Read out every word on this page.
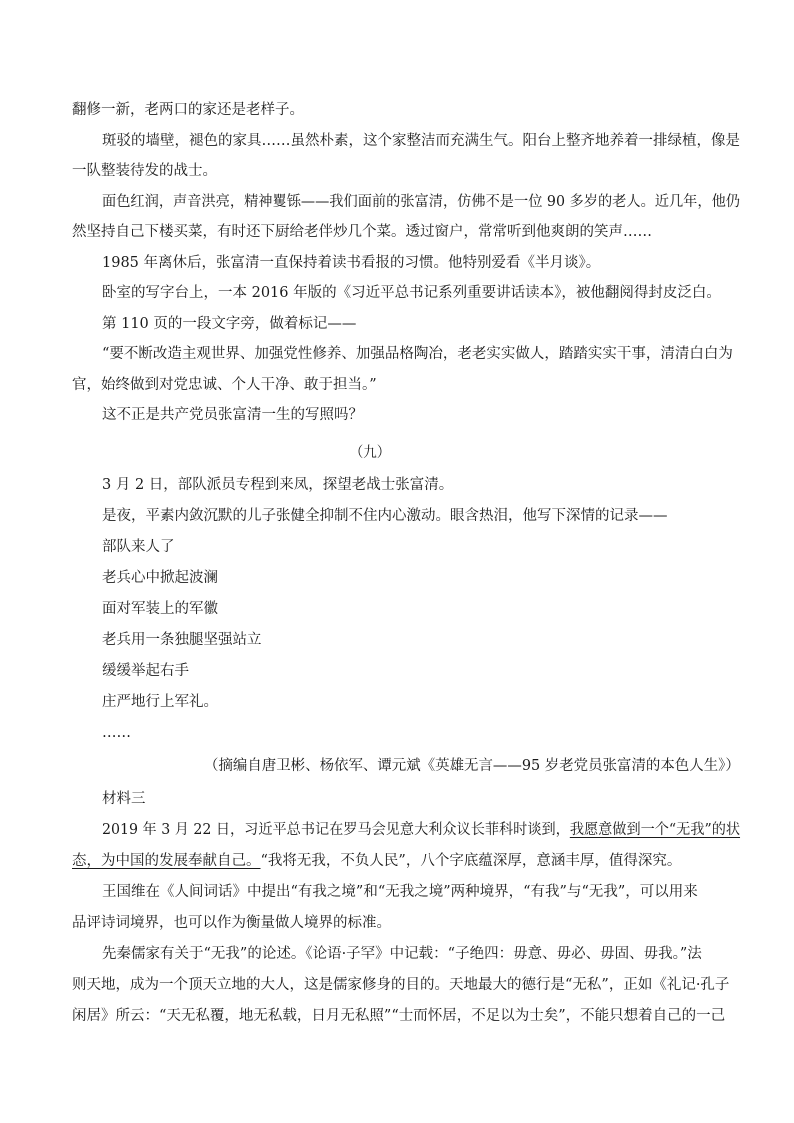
翻修一新，老两口的家还是老样子。
斑驳的墙壁，褪色的家具……虽然朴素，这个家整洁而充满生气。阳台上整齐地养着一排绿植，像是
一队整装待发的战士。
面色红润，声音洪亮，精神矍铄——我们面前的张富清，仿佛不是一位 90 多岁的老人。近几年，他仍
然坚持自己下楼买菜，有时还下厨给老伴炒几个菜。透过窗户，常常听到他爽朗的笑声……
1985 年离休后，张富清一直保持着读书看报的习惯。他特别爱看《半月谈》。
卧室的写字台上，一本 2016 年版的《习近平总书记系列重要讲话读本》，被他翻阅得封皮泛白。
第 110 页的一段文字旁，做着标记——
“要不断改造主观世界、加强党性修养、加强品格陶冶，老老实实做人，踏踏实实干事，清清白白为
官，始终做到对党忠诚、个人干净、敢于担当。”
这不正是共产党员张富清一生的写照吗？
（九）
3 月 2 日，部队派员专程到来凤，探望老战士张富清。
是夜，平素内敛沉默的儿子张健全抑制不住内心激动。眼含热泪，他写下深情的记录——
部队来人了
老兵心中掀起波澜
面对军装上的军徽
老兵用一条独腿坚强站立
缓缓举起右手
庄严地行上军礼。
……
（摘编自唐卫彬、杨依军、谭元斌《英雄无言——95 岁老党员张富清的本色人生》）
材料三
2019 年 3 月 22 日，习近平总书记在罗马会见意大利众议长菲科时谈到，我愿意做到一个“无我”的状
态，为中国的发展奉献自己。“我将无我，不负人民”，八个字底蕴深厚，意涵丰厚，值得深究。
王国维在《人间词话》中提出“有我之境”和“无我之境”两种境界，“有我”与“无我”，可以用来
品评诗词境界，也可以作为衡量做人境界的标准。
先秦儒家有关于“无我”的论述。《论语·子罕》中记载：“子绝四：毋意、毋必、毋固、毋我。”法
则天地，成为一个顶天立地的大人，这是儒家修身的目的。天地最大的德行是“无私”，正如《礼记·孔子
闲居》所云：“天无私覆，地无私载，日月无私照”“士而怀居，不足以为士矣”，不能只想着自己的一己
